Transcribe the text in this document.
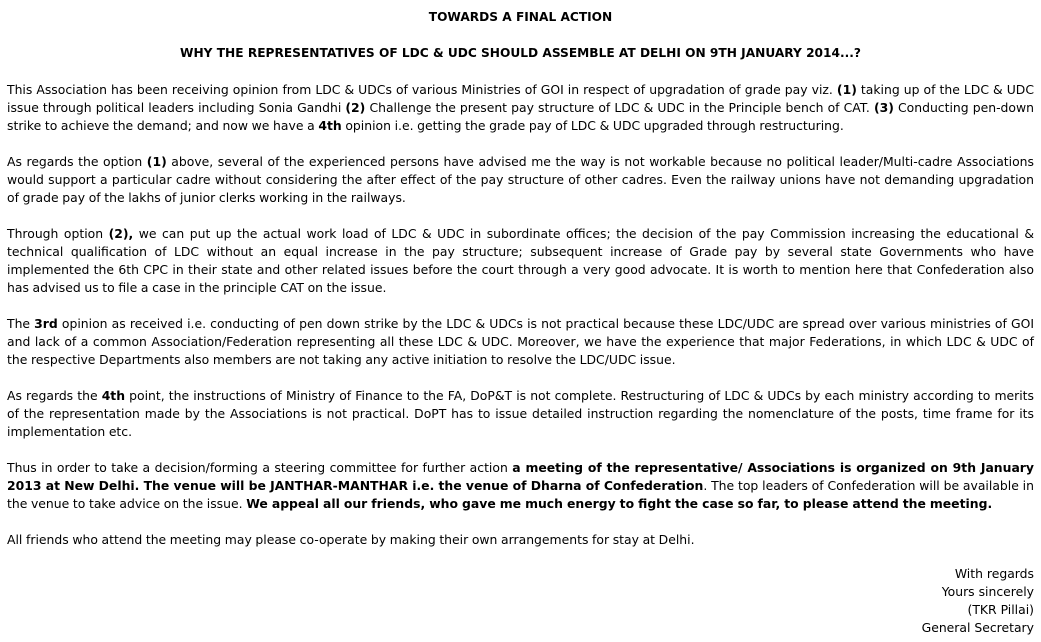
TOWARDS A FINAL ACTION

WHY THE REPRESENTATIVES OF LDC & UDC SHOULD ASSEMBLE AT DELHI ON 9TH JANUARY 2014...?

This Association has been receiving opinion from LDC & UDCs of various Ministries of GOI in respect of upgradation of grade pay viz. (1) taking up of the LDC & UDC issue through political leaders including Sonia Gandhi (2) Challenge the present pay structure of LDC & UDC in the Principle bench of CAT. (3) Conducting pen-down strike to achieve the demand; and now we have a 4th opinion i.e. getting the grade pay of LDC & UDC upgraded through restructuring.

As regards the option (1) above, several of the experienced persons have advised me the way is not workable because no political leader/Multi-cadre Associations would support a particular cadre without considering the after effect of the pay structure of other cadres. Even the railway unions have not demanding upgradation of grade pay of the lakhs of junior clerks working in the railways.

Through option (2), we can put up the actual work load of LDC & UDC in subordinate offices; the decision of the pay Commission increasing the educational & technical qualification of LDC without an equal increase in the pay structure; subsequent increase of Grade pay by several state Governments who have implemented the 6th CPC in their state and other related issues before the court through a very good advocate. It is worth to mention here that Confederation also has advised us to file a case in the principle CAT on the issue.

The 3rd opinion as received i.e. conducting of pen down strike by the LDC & UDCs is not practical because these LDC/UDC are spread over various ministries of GOI and lack of a common Association/Federation representing all these LDC & UDC. Moreover, we have the experience that major Federations, in which LDC & UDC of the respective Departments also members are not taking any active initiation to resolve the LDC/UDC issue.

As regards the 4th point, the instructions of Ministry of Finance to the FA, DoP&T is not complete. Restructuring of LDC & UDCs by each ministry according to merits of the representation made by the Associations is not practical. DoPT has to issue detailed instruction regarding the nomenclature of the posts, time frame for its implementation etc.

Thus in order to take a decision/forming a steering committee for further action a meeting of the representative/ Associations is organized on 9th January 2013 at New Delhi. The venue will be JANTHAR-MANTHAR i.e. the venue of Dharna of Confederation. The top leaders of Confederation will be available in the venue to take advice on the issue. We appeal all our friends, who gave me much energy to fight the case so far, to please attend the meeting.

All friends who attend the meeting may please co-operate by making their own arrangements for stay at Delhi.

With regards
Yours sincerely
(TKR Pillai)
General Secretary
